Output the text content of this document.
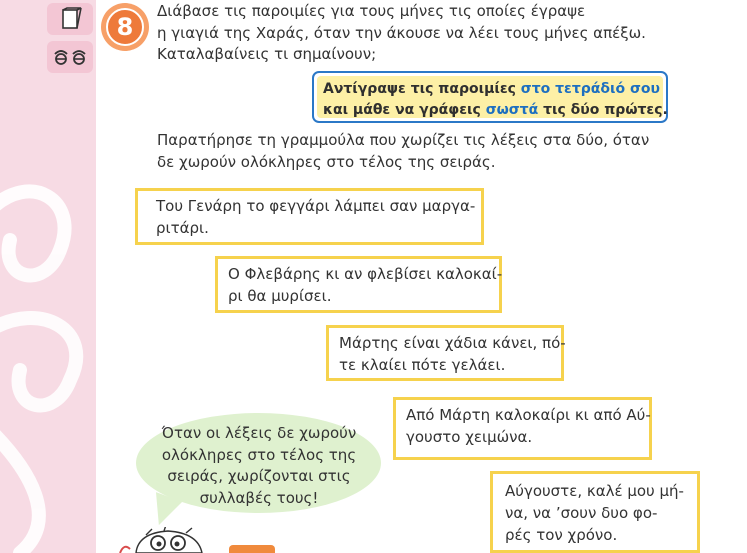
8
Διάβασε τις παροιμίες για τους μήνες τις οποίες έγραψε
η γιαγιά της Χαράς, όταν την άκουσε να λέει τους μήνες απέξω.
Καταλαβαίνεις τι σημαίνουν;
Αντίγραψε τις παροιμίες στο τετράδιό σου
και μάθε να γράφεις σωστά τις δύο πρώτες.
Παρατήρησε τη γραμμούλα που χωρίζει τις λέξεις στα δύο, όταν
δε χωρούν ολόκληρες στο τέλος της σειράς.
Του Γενάρη το φεγγάρι λάμπει σαν μαργα-
ριτάρι.
Ο Φλεβάρης κι αν φλεβίσει καλοκαί-
ρι θα μυρίσει.
Μάρτης είναι χάδια κάνει, πό-
τε κλαίει πότε γελάει.
Από Μάρτη καλοκαίρι κι από Αύ-
γουστο χειμώνα.
Αύγουστε, καλέ μου μή-
να, να ’σουν δυο φο-
ρές τον χρόνο.
Όταν οι λέξεις δε χωρούν
ολόκληρες στο τέλος της
σειράς, χωρίζονται στις
συλλαβές τους!
